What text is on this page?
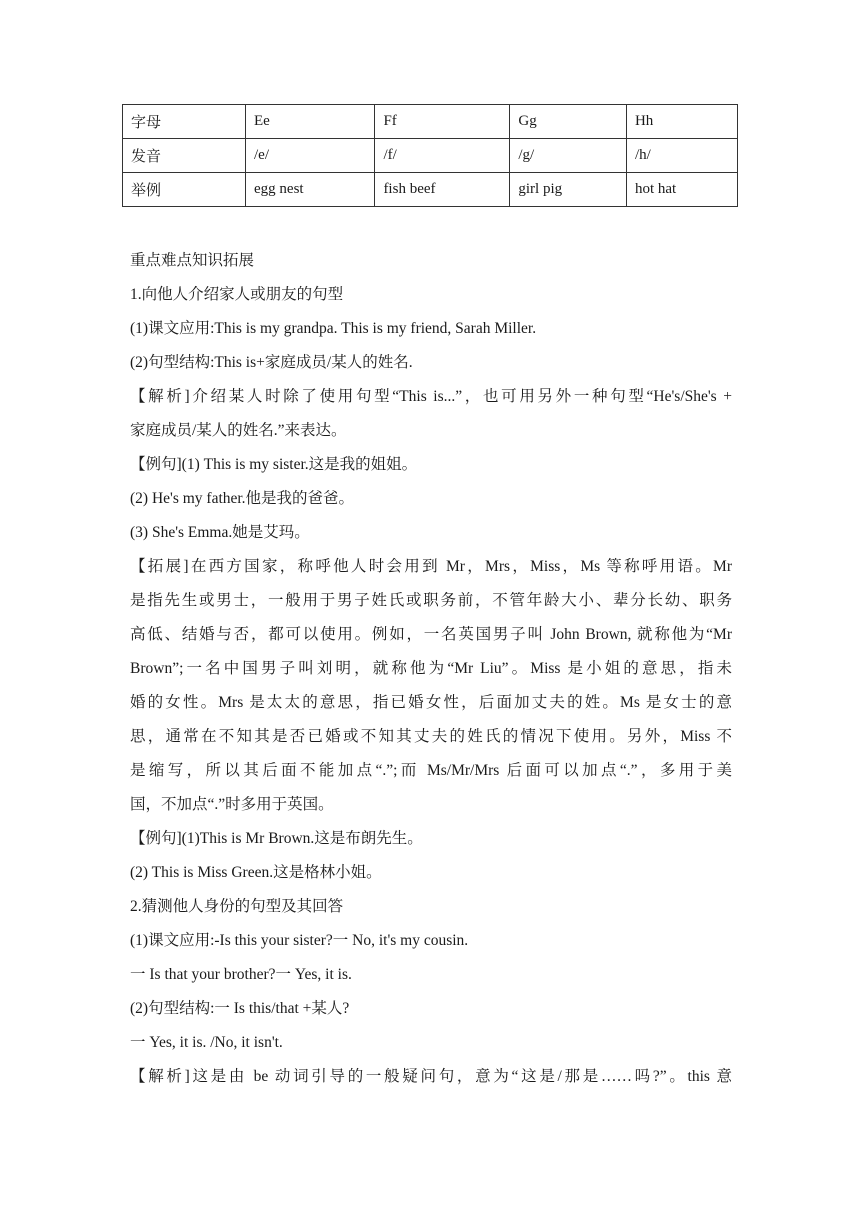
字母	Ee	Ff	Gg	Hh
发音	/e/	/f/	/g/	/h/
举例	egg nest	fish beef	girl pig	hot hat

重点难点知识拓展

1.向他人介绍家人或朋友的句型

(1)课文应用:This is my grandpa. This is my friend, Sarah Miller.

(2)句型结构:This is+家庭成员/某人的姓名.

【解析]介绍某人时除了使用句型“This is...”，也可用另外一种句型“He's/She's +

家庭成员/某人的姓名.”来表达。

【例句](1) This is my sister.这是我的姐姐。

(2) He's my father.他是我的爸爸。

(3) She's Emma.她是艾玛。

【拓展]在西方国家，称呼他人时会用到 Mr，Mrs，Miss，Ms 等称呼用语。Mr

是指先生或男士，一般用于男子姓氏或职务前，不管年龄大小、辈分长幼、职务

高低、结婚与否，都可以使用。例如，一名英国男子叫 John Brown, 就称他为“Mr

Brown”;一名中国男子叫刘明，就称他为“Mr Liu”。Miss 是小姐的意思，指未

婚的女性。Mrs 是太太的意思，指已婚女性，后面加丈夫的姓。Ms 是女士的意

思，通常在不知其是否已婚或不知其丈夫的姓氏的情况下使用。另外，Miss 不

是缩写，所以其后面不能加点“.”;而 Ms/Mr/Mrs 后面可以加点“.”，多用于美

国，不加点“.”时多用于英国。

【例句](1)This is Mr Brown.这是布朗先生。

(2) This is Miss Green.这是格林小姐。

2.猜测他人身份的句型及其回答

(1)课文应用:-Is this your sister?一 No, it's my cousin.

一 Is that your brother?一 Yes, it is.

(2)句型结构:一 Is this/that +某人?

一 Yes, it is. /No, it isn't.

【解析]这是由 be 动词引导的一般疑问句，意为“这是/那是……吗?”。this 意
